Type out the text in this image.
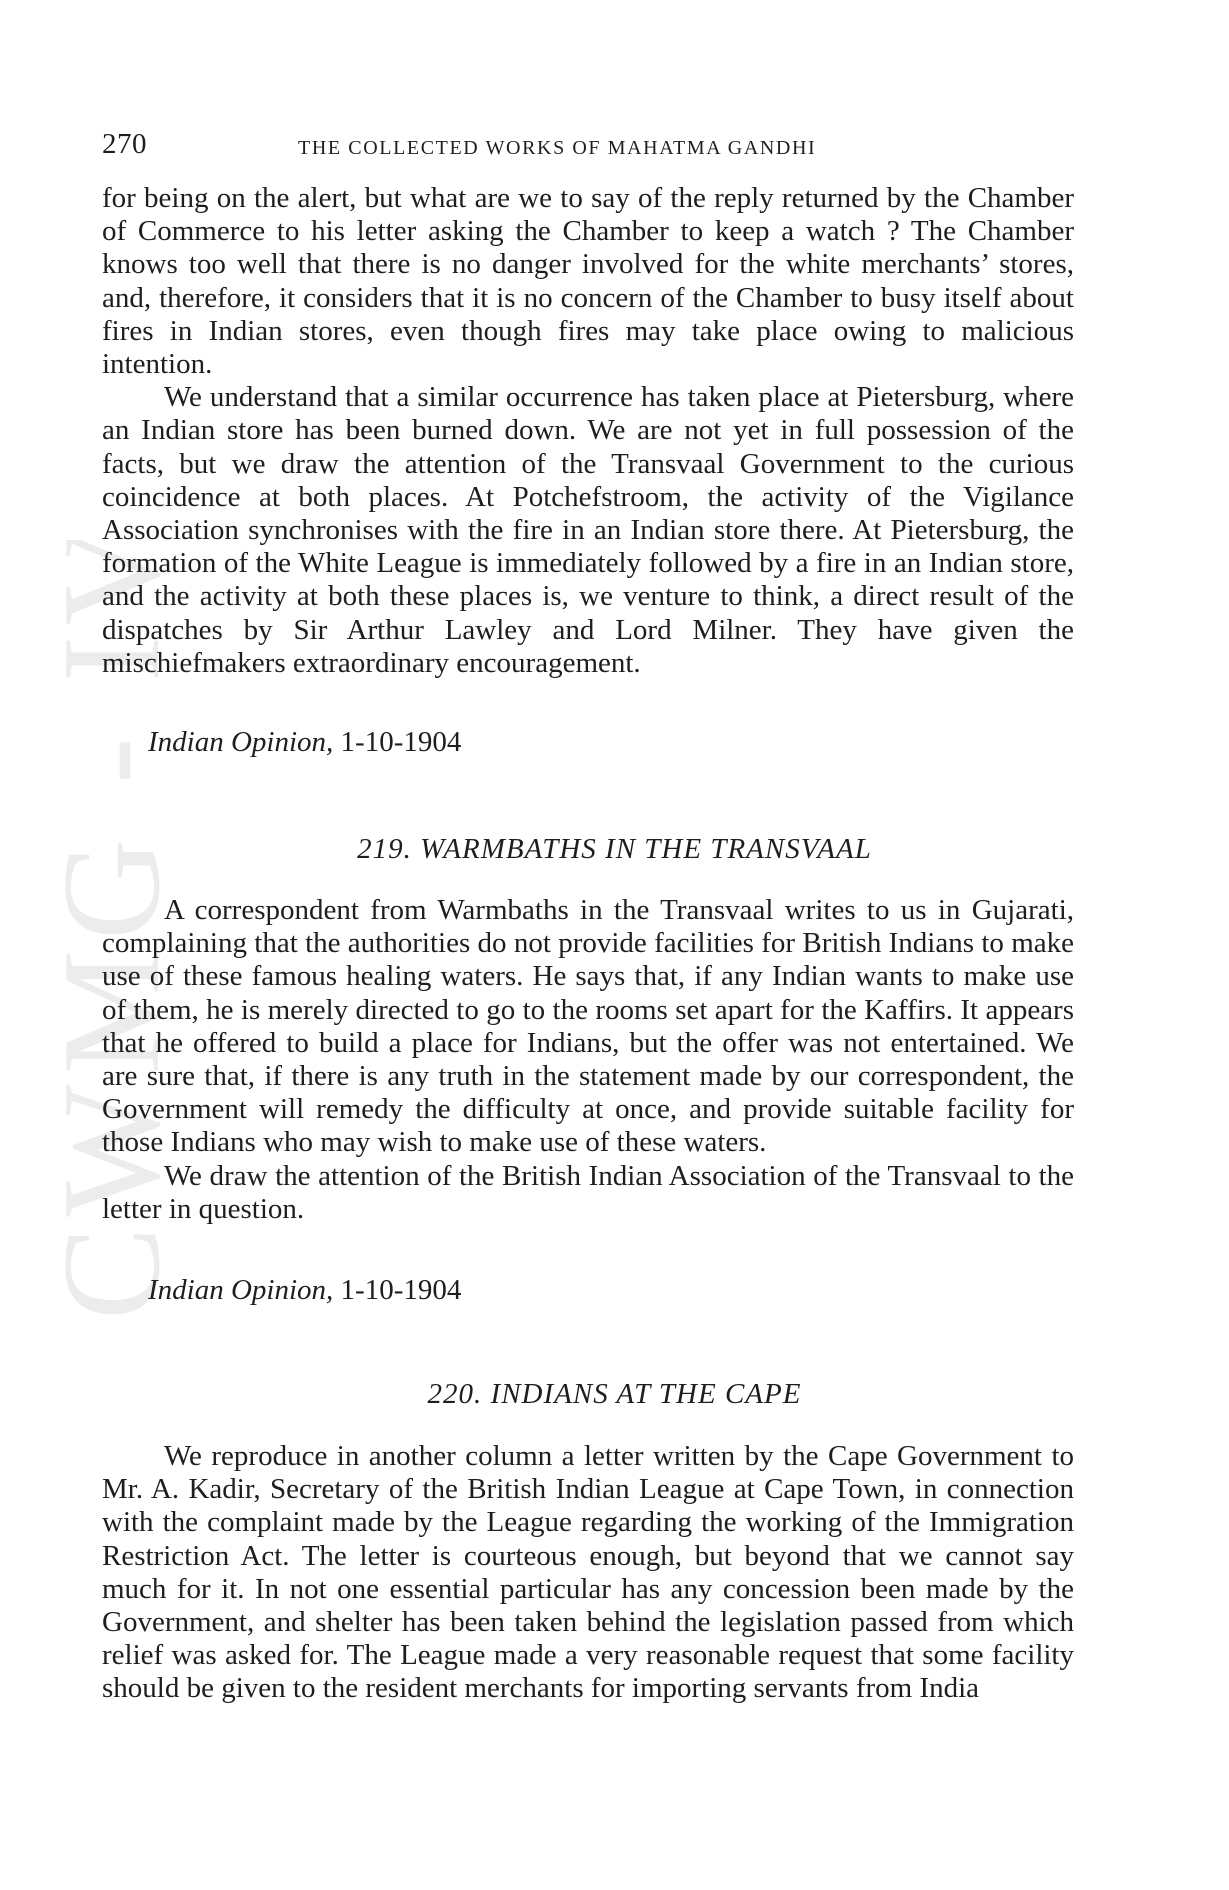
CWMG I
270	THE COLLECTED WORKS OF MAHATMA GANDHI

for being on the alert, but what are we to say of the reply returned by the Chamber of Commerce to his letter asking the Chamber to keep a watch ? The Chamber knows too well that there is no danger involved for the white merchants’ stores, and, therefore, it considers that it is no concern of the Chamber to busy itself about fires in Indian stores, even though fires may take place owing to malicious intention.

We understand that a similar occurrence has taken place at Pietersburg, where an Indian store has been burned down. We are not yet in full possession of the facts, but we draw the attention of the Transvaal Government to the curious coincidence at both places. At Potchefstroom, the activity of the Vigilance Association synchronises with the fire in an Indian store there. At Pietersburg, the formation of the White League is immediately followed by a fire in an Indian store, and the activity at both these places is, we venture to think, a direct result of the dispatches by Sir Arthur Lawley and Lord Milner. They have given the mischiefmakers extraordinary encouragement.

Indian Opinion, 1-10-1904
219. WARMBATHS IN THE TRANSVAAL

A correspondent from Warmbaths in the Transvaal writes to us in Gujarati, complaining that the authorities do not provide facilities for British Indians to make use of these famous healing waters. He says that, if any Indian wants to make use of them, he is merely directed to go to the rooms set apart for the Kaffirs. It appears that he offered to build a place for Indians, but the offer was not entertained. We are sure that, if there is any truth in the statement made by our correspondent, the Government will remedy the difficulty at once, and provide suitable facility for those Indians who may wish to make use of these waters.

We draw the attention of the British Indian Association of the Transvaal to the letter in question.

Indian Opinion, 1-10-1904
220. INDIANS AT THE CAPE

We reproduce in another column a letter written by the Cape Government to Mr. A. Kadir, Secretary of the British Indian League at Cape Town, in connection with the complaint made by the League regarding the working of the Immigration Restriction Act. The letter is courteous enough, but beyond that we cannot say much for it. In not one essential particular has any concession been made by the Government, and shelter has been taken behind the legislation passed from which relief was asked for. The League made a very reasonable request that some facility should be given to the resident merchants for importing servants from India
